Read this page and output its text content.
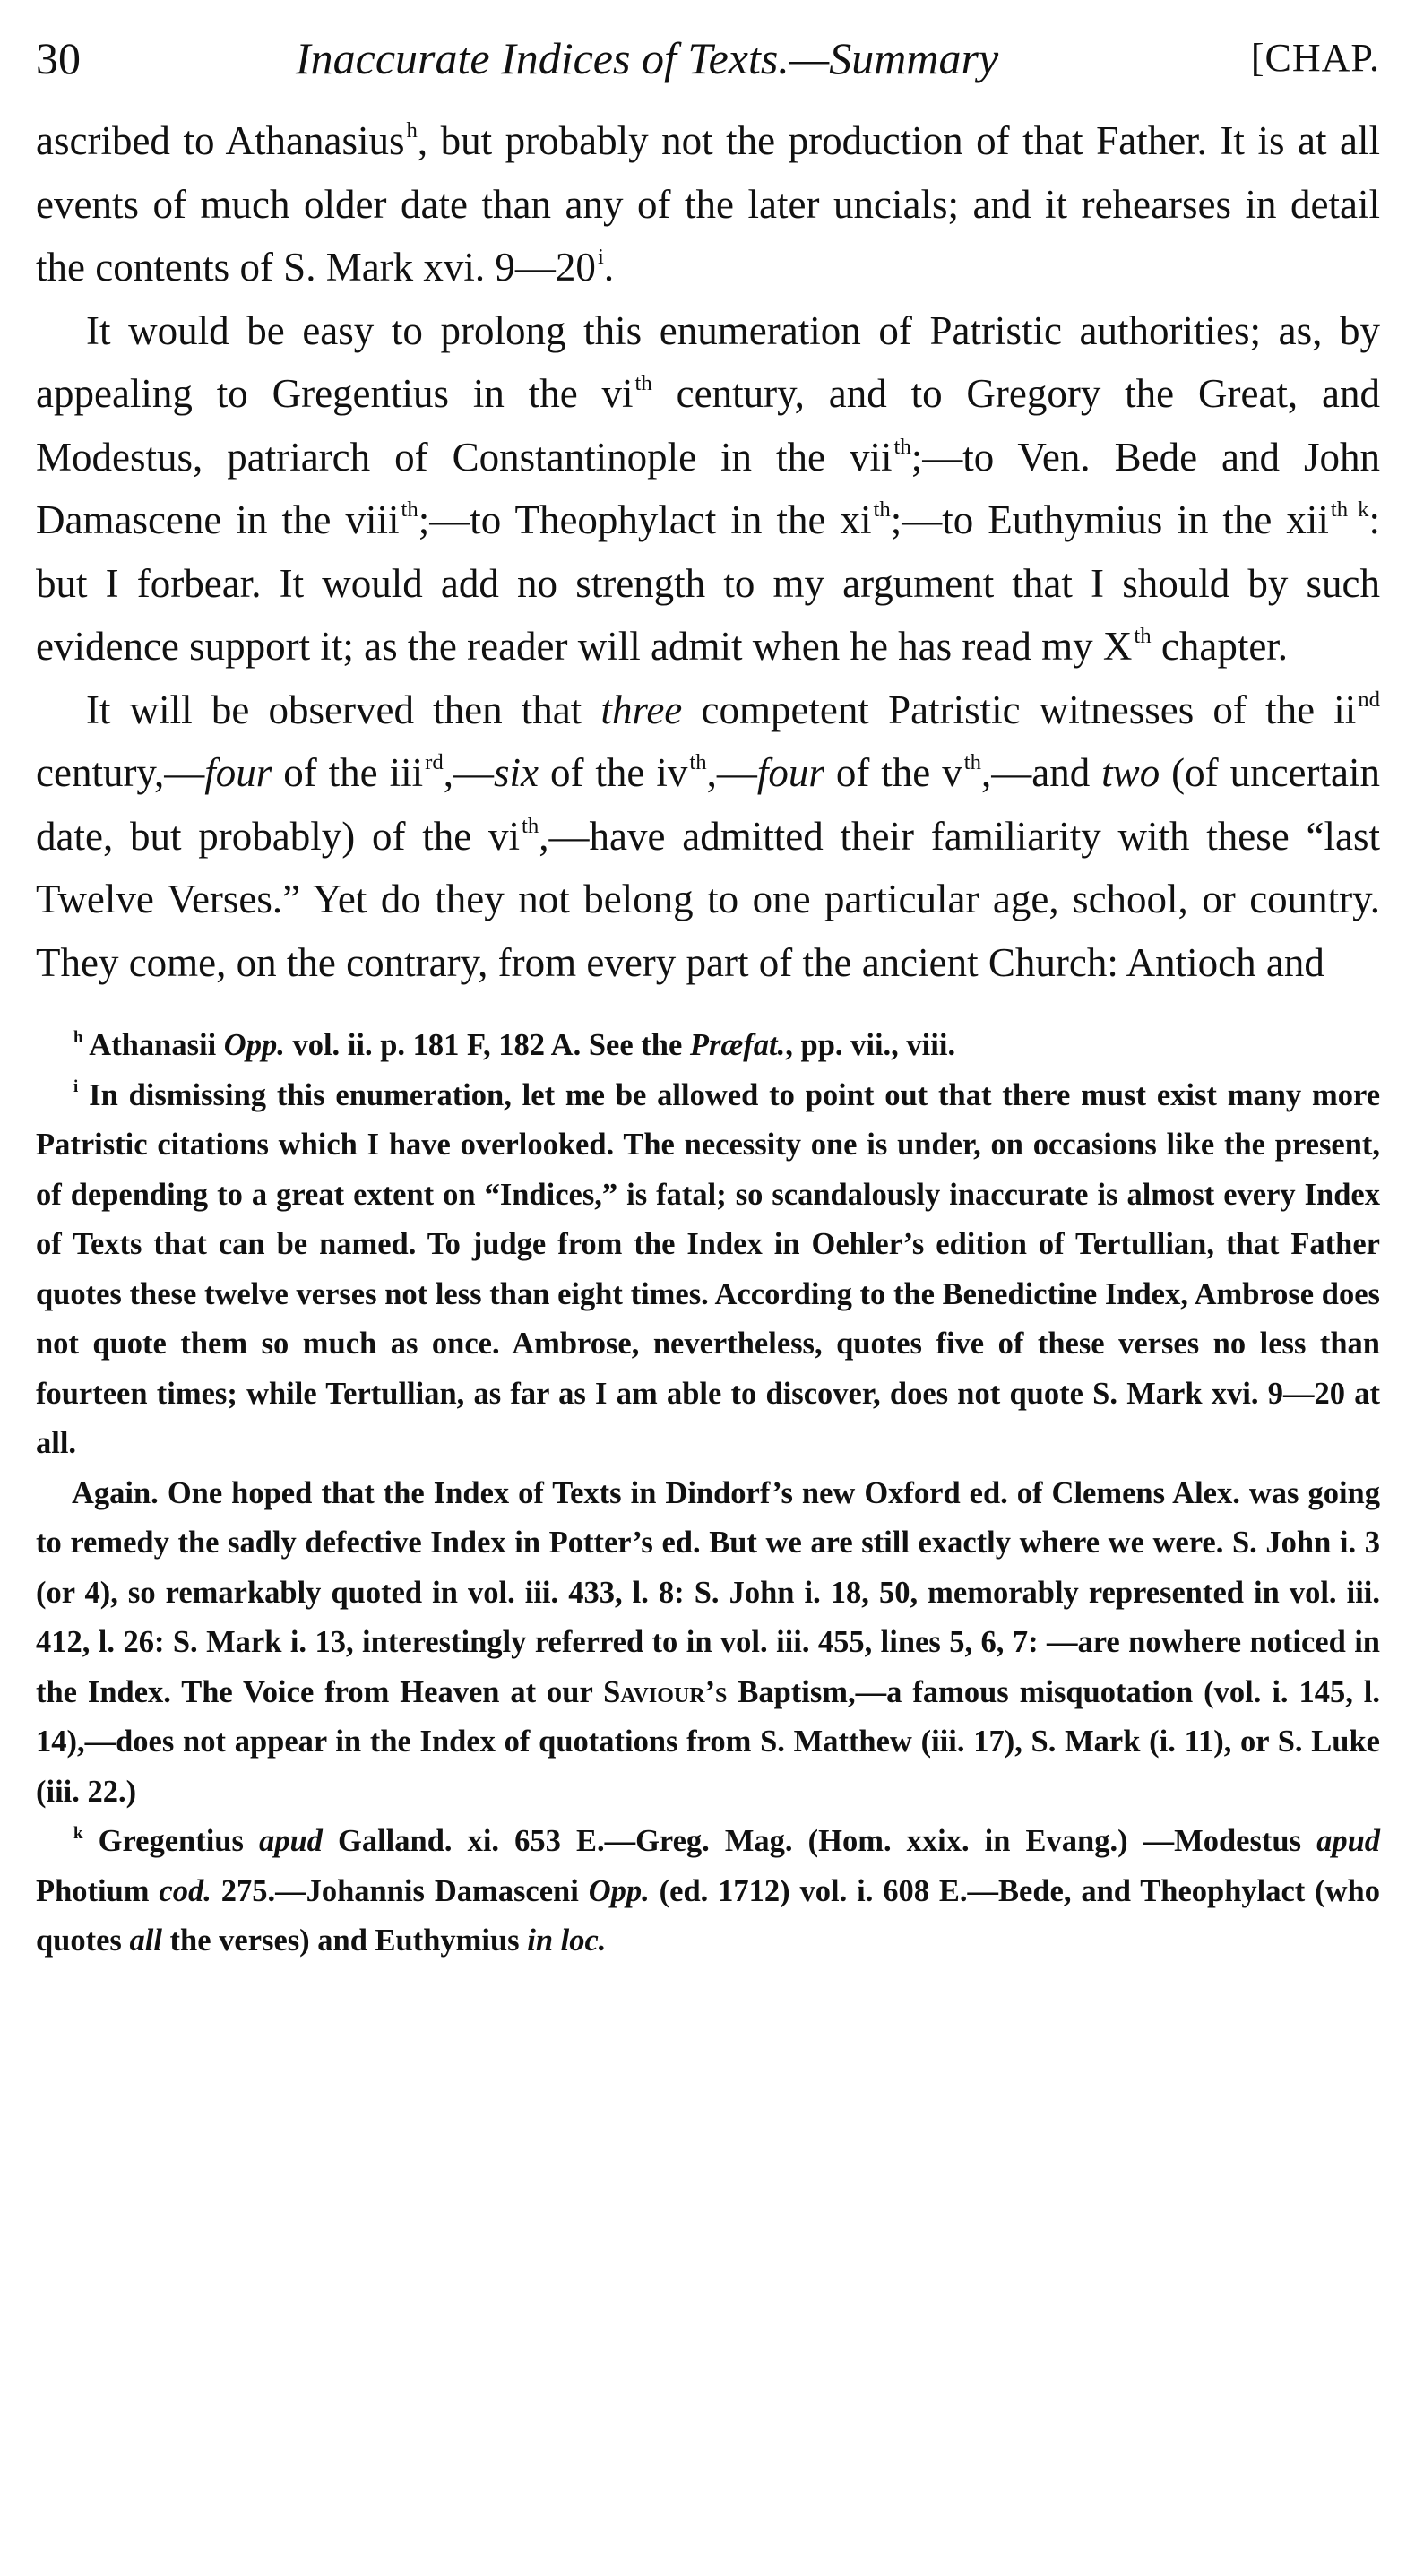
30	Inaccurate Indices of Texts.—Summary	[CHAP.

ascribed to Athanasius$^h$, but probably not the production of that Father. It is at all events of much older date than any of the later uncials; and it rehearses in detail the contents of S. Mark xvi. 9—20$^i$.

It would be easy to prolong this enumeration of Patristic authorities; as, by appealing to Gregentius in the $vi^{th}$ century, and to Gregory the Great, and Modestus, patriarch of Constantinople in the vii$^{th}$;—to Ven. Bede and John Damascene in the viii$^{th}$;—to Theophylact in the $xi^{th};—to$ Euthymius in the xii$^{th k}$: but I forbear. It would add no strength to my argument that I should by such evidence support it; as the reader will admit when he has read my Xth chapter.

It will be observed then that three competent Patristic witnesses of the $ii^{nd}$ century,—four of the iii$^{rd}$,—six of the $iv^{th},—four$ of the $v^{th},—and$ two (of uncertain date, but probably) of the $vi^{th},—have$ admitted their familiarity with these “last Twelve Verses.” Yet do they not belong to one particular age, school, or country. They come, on the contrary, from every part of the ancient Church: Antioch and

$^h$ Athanasii Opp. vol. ii. p. 181 F, 182 A. See the Præfat., pp. vii., viii.

$^i$ In dismissing this enumeration, let me be allowed to point out that there must exist many more Patristic citations which I have overlooked. The necessity one is under, on occasions like the present, of depending to a great extent on “Indices,” is fatal; so scandalously inaccurate is almost every Index of Texts that can be named. To judge from the Index in Oehler’s edition of Tertullian, that Father quotes these twelve verses not less than eight times. According to the Benedictine Index, Ambrose does not quote them so much as once. Ambrose, nevertheless, quotes five of these verses no less than fourteen times; while Tertullian, as far as I am able to discover, does not quote S. Mark xvi. 9—20 at all.

Again. One hoped that the Index of Texts in Dindorf’s new Oxford ed. of Clemens Alex. was going to remedy the sadly defective Index in Potter’s ed. But we are still exactly where we were. S. John i. 3 (or 4), so remarkably quoted in vol. iii. 433, l. 8: S. John i. 18, 50, memorably represented in vol. iii. 412, l. 26: S. Mark i. 13, interestingly referred to in vol. iii. 455, lines 5, 6, 7: —are nowhere noticed in the Index. The Voice from Heaven at our Saviour’s Baptism,—a famous misquotation (vol. i. 145, l. 14),—does not appear in the Index of quotations from S. Matthew (iii. 17), S. Mark (i. 11), or S. Luke (iii. 22.)

$^k$ Gregentius apud Galland. xi. 653 E.—Greg. Mag. (Hom. xxix. in Evang.) —Modestus apud Photium cod. 275.—Johannis Damasceni Opp. (ed. 1712) vol. i. 608 E.—Bede, and Theophylact (who quotes all the verses) and Euthymius in loc.
